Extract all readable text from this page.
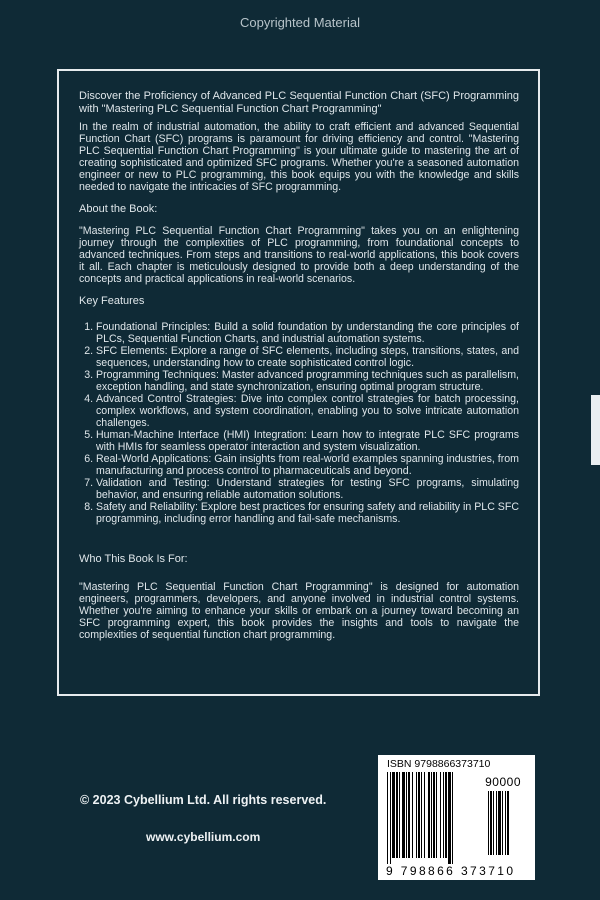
Copyrighted Material

Discover the Proficiency of Advanced PLC Sequential Function Chart (SFC) Programming with "Mastering PLC Sequential Function Chart Programming"

In the realm of industrial automation, the ability to craft efficient and advanced Sequential Function Chart (SFC) programs is paramount for driving efficiency and control. "Mastering PLC Sequential Function Chart Programming" is your ultimate guide to mastering the art of creating sophisticated and optimized SFC programs. Whether you're a seasoned automation engineer or new to PLC programming, this book equips you with the knowledge and skills needed to navigate the intricacies of SFC programming.

About the Book:

"Mastering PLC Sequential Function Chart Programming" takes you on an enlightening journey through the complexities of PLC programming, from foundational concepts to advanced techniques. From steps and transitions to real-world applications, this book covers it all. Each chapter is meticulously designed to provide both a deep understanding of the concepts and practical applications in real-world scenarios.

Key Features
1. Foundational Principles: Build a solid foundation by understanding the core principles of PLCs, Sequential Function Charts, and industrial automation systems.
2. SFC Elements: Explore a range of SFC elements, including steps, transitions, states, and sequences, understanding how to create sophisticated control logic.
3. Programming Techniques: Master advanced programming techniques such as parallelism, exception handling, and state synchronization, ensuring optimal program structure.
4. Advanced Control Strategies: Dive into complex control strategies for batch processing, complex workflows, and system coordination, enabling you to solve intricate automation challenges.
5. Human-Machine Interface (HMI) Integration: Learn how to integrate PLC SFC programs with HMIs for seamless operator interaction and system visualization.
6. Real-World Applications: Gain insights from real-world examples spanning industries, from manufacturing and process control to pharmaceuticals and beyond.
7. Validation and Testing: Understand strategies for testing SFC programs, simulating behavior, and ensuring reliable automation solutions.
8. Safety and Reliability: Explore best practices for ensuring safety and reliability in PLC SFC programming, including error handling and fail-safe mechanisms.
Who This Book Is For:

"Mastering PLC Sequential Function Chart Programming" is designed for automation engineers, programmers, developers, and anyone involved in industrial control systems. Whether you're aiming to enhance your skills or embark on a journey toward becoming an SFC programming expert, this book provides the insights and tools to navigate the complexities of sequential function chart programming.

© 2023 Cybellium Ltd. All rights reserved.
www.cybellium.com
ISBN 9798866373710
90000
9 798866 373710
